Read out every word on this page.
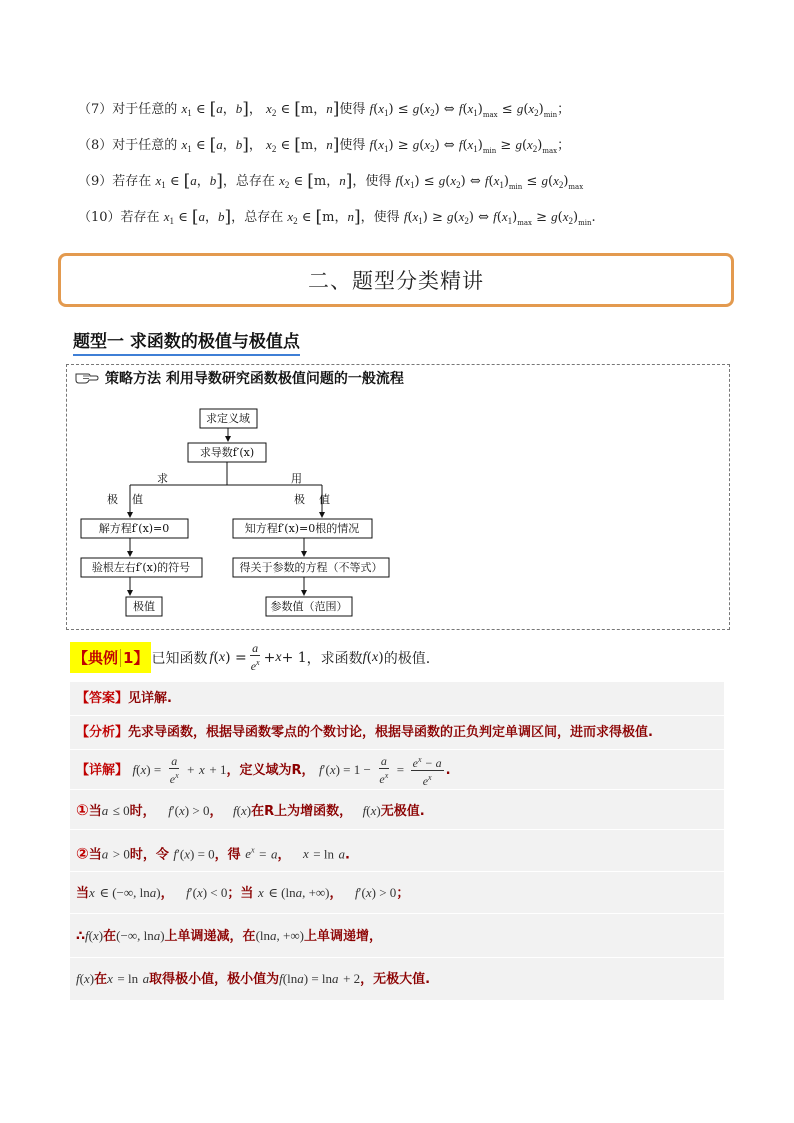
（7）对于任意的 $x_1$ ∈ [a，b]， $x_2$ ∈ [m，n]使得 $f(x_1) \le g(x_2)$ ⇔ $f(x_1)_{max} \le g(x_2)_{min}$；
（8）对于任意的 $x_1$ ∈ [a，b]， $x_2$ ∈ [m，n]使得 $f(x_1) \ge g(x_2)$ ⇔ $f(x_1)_{min} \ge g(x_2)_{max}$；
（9）若存在 $x_1$ ∈ [a，b]，总存在 $x_2$ ∈ [m，n]，使得 $f(x_1) \le g(x_2)$ ⇔ $f(x_1)_{min} \le g(x_2)_{max}$
（10）若存在 $x_1$ ∈ [a，b]，总存在 $x_2$ ∈ [m，n]，使得 $f(x_1) \ge g(x_2)$ ⇔ $f(x_1)_{max} \ge g(x_2)_{min}$.
二、题型分类精讲
题型一 求函数的极值与极值点
策略方法 利用导数研究函数极值问题的一般流程
求定义域
求导数f′(x)
求
极    值
用
极    值
解方程f′(x)=0
验根左右f′(x)的符号
极值
知方程f′(x)=0根的情况
得关于参数的方程（不等式）
参数值（范围）
【典例 1】 已知函数 f ( x ) = $\frac{a}{e^x} + x + 1$ ，求函数 f ( x ) 的极值.
【答案】见详解.
【分析】先求导函数，根据导函数零点的个数讨论，根据导函数的正负判定单调区间，进而求得极值.
【详解】 $f(x) = \frac{a}{e^x} + x + 1$，定义域为R， $f'(x) = 1 - \frac{a}{e^x} = \frac{e^x - a}{e^x}$ .
①当a ≤ 0时， f′(x) > 0， f(x)在R上为增函数， f(x)无极值.
②当a > 0时，令 f′(x) = 0，得 $e^x = a$， x = ln a.
当x ∈ (−∞, lna)， f′(x) < 0；当 x ∈ (lna, +∞)， f′(x) > 0；
∴f(x)在(−∞, lna)上单调递减，在(lna, +∞)上单调递增，
f(x)在x = ln a取得极小值，极小值为f(lna) = lna + 2，无极大值.
